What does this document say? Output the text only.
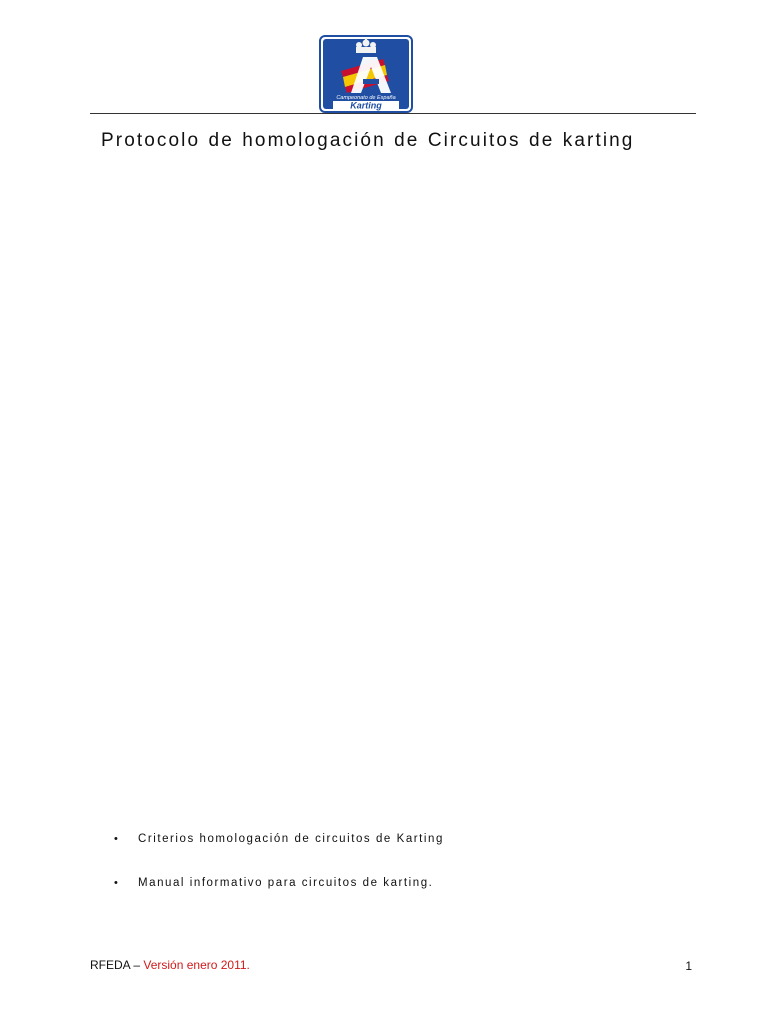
Campeonato de España
Karting
Protocolo de homologación de Circuitos de karting
•	Criterios homologación de circuitos de Karting
•	Manual informativo para circuitos de karting.
RFEDA – Versión enero 2011.	1
